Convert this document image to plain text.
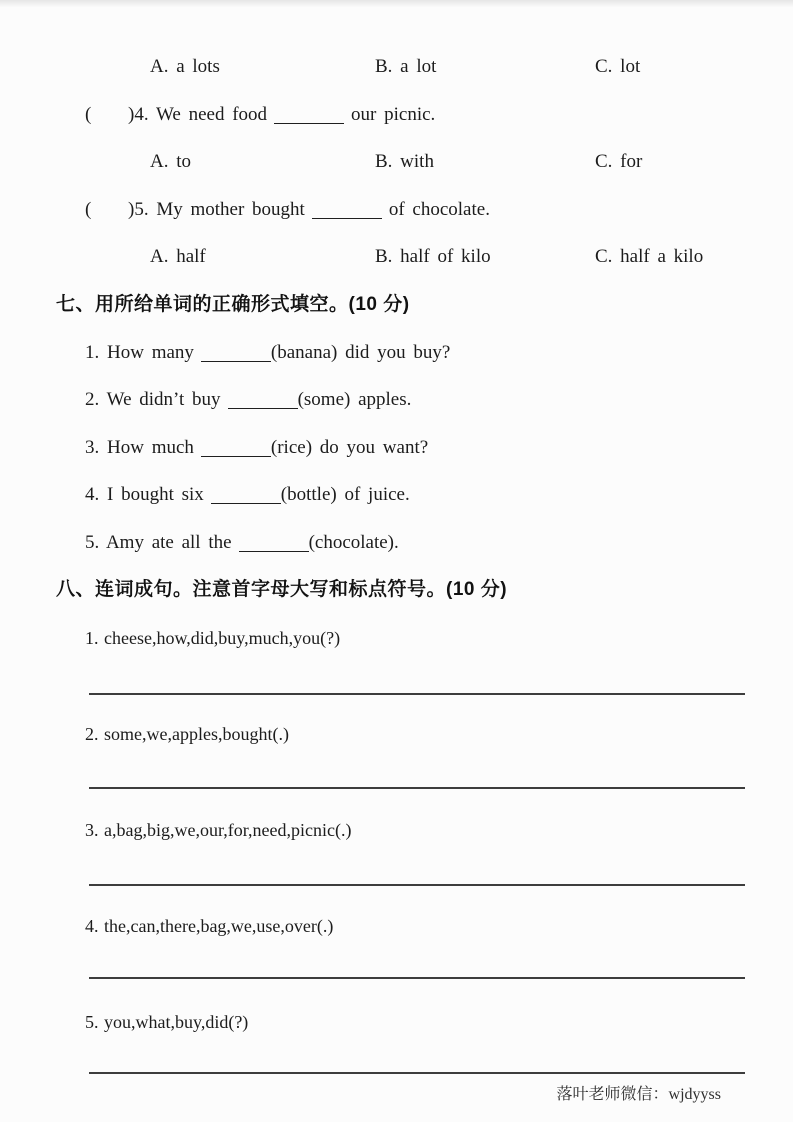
A. a lots	B. a lot	C. lot
( )4. We need food	our picnic.
A. to	B. with	C. for
( )5. My mother bought	of chocolate.
A. half	B. half of kilo	C. half a kilo
七、用所给单词的正确形式填空。(10 分)
1. How many	(banana) did you buy?
2. We didn’t buy	(some) apples.
3. How much	(rice) do you want?
4. I bought six	(bottle) of juice.
5. Amy ate all the	(chocolate).
八、连词成句。注意首字母大写和标点符号。(10 分)
1. cheese,how,did,buy,much,you(?)
2. some,we,apples,bought(.)
3. a,bag,big,we,our,for,need,picnic(.)
4. the,can,there,bag,we,use,over(.)
5. you,what,buy,did(?)
落叶老师微信：wjdyyss
